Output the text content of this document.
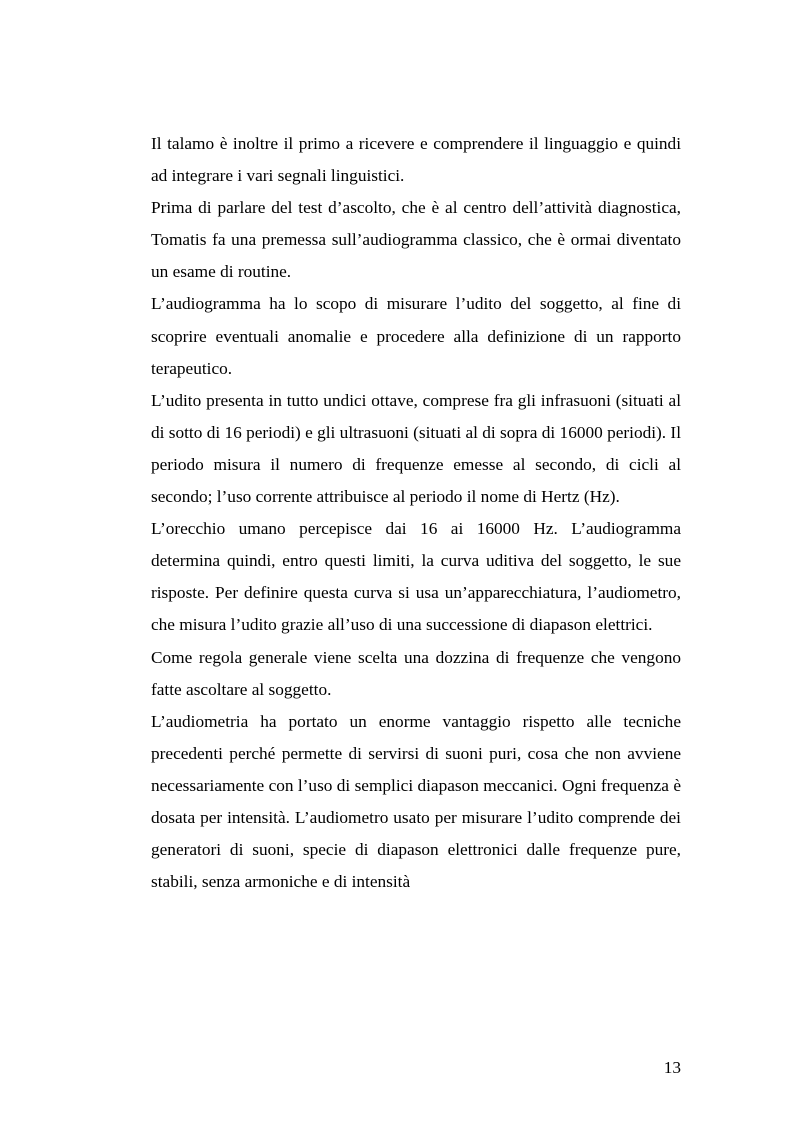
Il talamo è inoltre il primo a ricevere e comprendere il linguaggio e quindi ad integrare i vari segnali linguistici.

Prima di parlare del test d’ascolto, che è al centro dell’attività diagnostica, Tomatis fa una premessa sull’audiogramma classico, che è ormai diventato un esame di routine.

L’audiogramma ha lo scopo di misurare l’udito del soggetto, al fine di scoprire eventuali anomalie e procedere alla definizione di un rapporto terapeutico.

L’udito presenta in tutto undici ottave, comprese fra gli infrasuoni (situati al di sotto di 16 periodi) e gli ultrasuoni (situati al di sopra di 16000 periodi). Il periodo misura il numero di frequenze emesse al secondo, di cicli al secondo; l’uso corrente attribuisce al periodo il nome di Hertz (Hz).

L’orecchio umano percepisce dai 16 ai 16000 Hz. L’audiogramma determina quindi, entro questi limiti, la curva uditiva del soggetto, le sue risposte. Per definire questa curva si usa un’apparecchiatura, l’audiometro, che misura l’udito grazie all’uso di una successione di diapason elettrici.

Come regola generale viene scelta una dozzina di frequenze che vengono fatte ascoltare al soggetto.

L’audiometria ha portato un enorme vantaggio rispetto alle tecniche precedenti perché permette di servirsi di suoni puri, cosa che non avviene necessariamente con l’uso di semplici diapason meccanici. Ogni frequenza è dosata per intensità. L’audiometro usato per misurare l’udito comprende dei generatori di suoni, specie di diapason elettronici dalle frequenze pure, stabili, senza armoniche e di intensità

13
